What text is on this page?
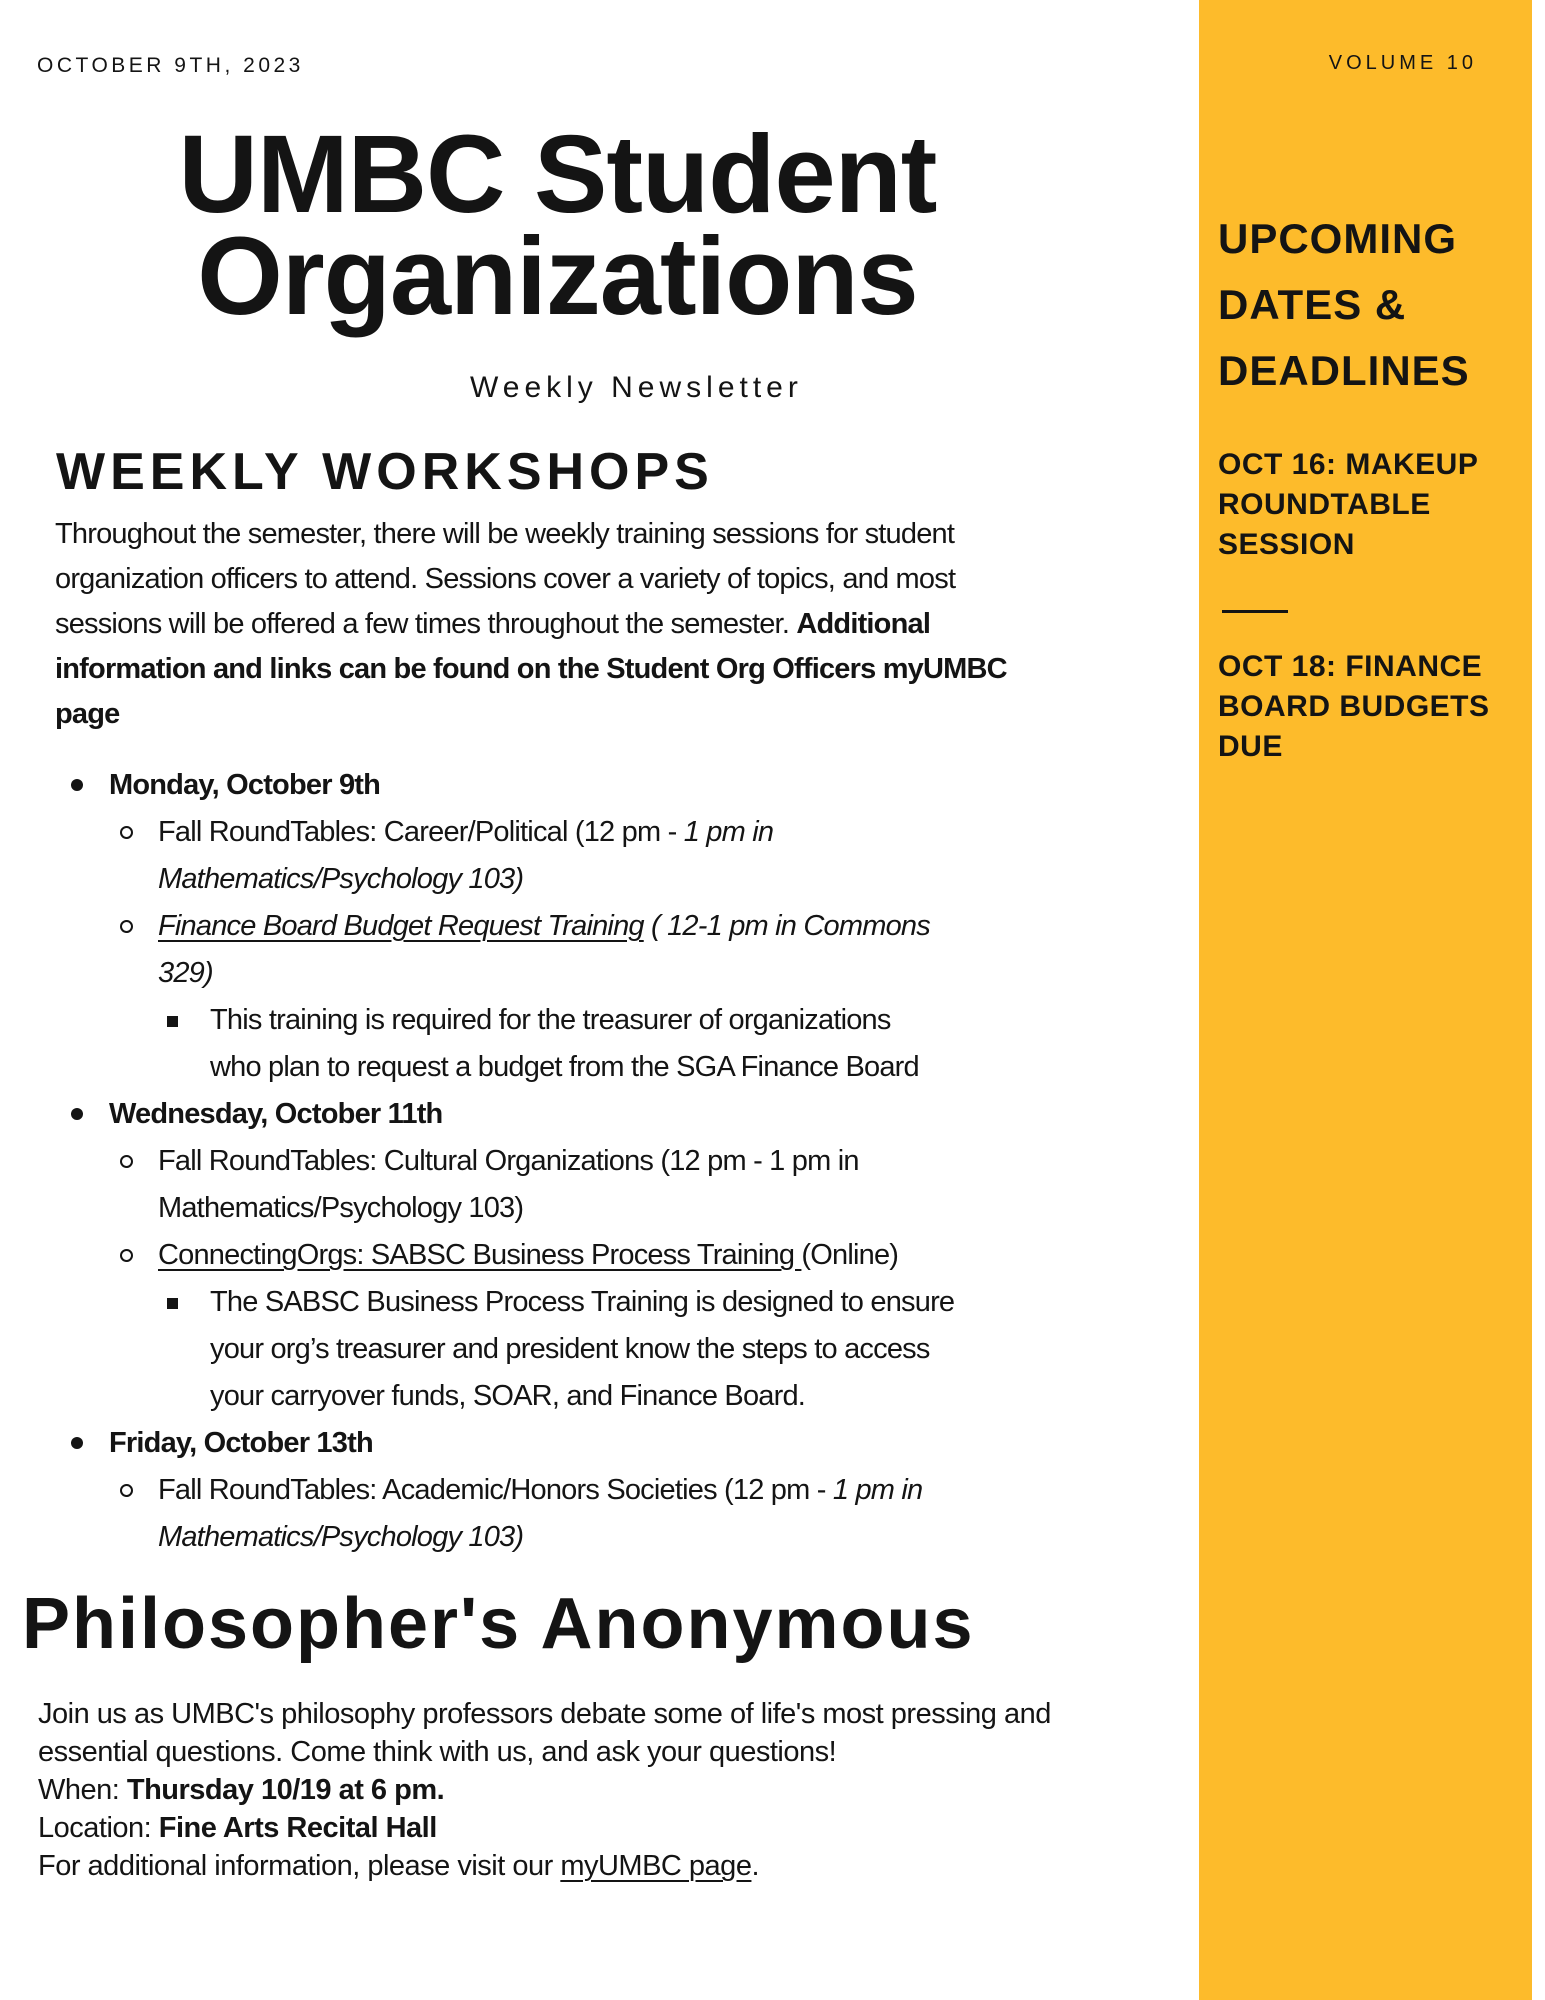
VOLUME 10
UPCOMING
DATES &
DEADLINES
OCT 16: MAKEUP
ROUNDTABLE
SESSION
OCT 18: FINANCE
BOARD BUDGETS
DUE
OCTOBER 9TH, 2023
UMBC Student
Organizations
Weekly Newsletter
WEEKLY WORKSHOPS
Throughout the semester, there will be weekly training sessions for student
organization officers to attend. Sessions cover a variety of topics, and most
sessions will be offered a few times throughout the semester. Additional
information and links can be found on the Student Org Officers myUMBC
page
Monday, October 9th
Fall RoundTables: Career/Political (12 pm - 1 pm in
Mathematics/Psychology 103)
Finance Board Budget Request Training ( 12-1 pm in Commons
329)
This training is required for the treasurer of organizations
who plan to request a budget from the SGA Finance Board
Wednesday, October 11th
Fall RoundTables: Cultural Organizations (12 pm - 1 pm in
Mathematics/Psychology 103)
ConnectingOrgs: SABSC Business Process Training (Online)
The SABSC Business Process Training is designed to ensure
your org’s treasurer and president know the steps to access
your carryover funds, SOAR, and Finance Board.
Friday, October 13th
Fall RoundTables: Academic/Honors Societies (12 pm - 1 pm in
Mathematics/Psychology 103)
Philosopher's Anonymous
Join us as UMBC's philosophy professors debate some of life's most pressing and
essential questions. Come think with us, and ask your questions!
When: Thursday 10/19 at 6 pm.
Location: Fine Arts Recital Hall
For additional information, please visit our myUMBC page.
